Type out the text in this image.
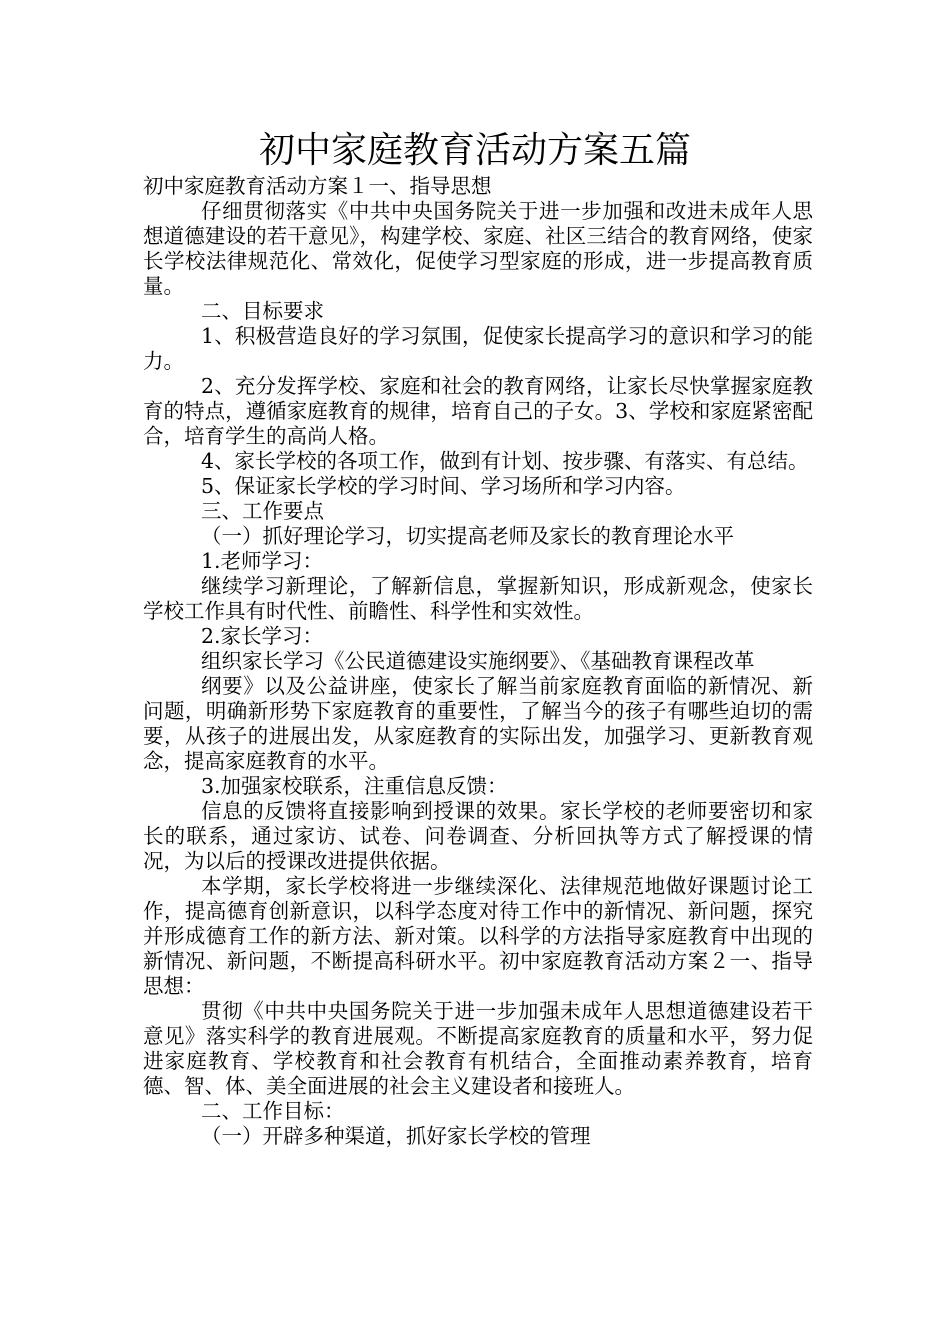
初中家庭教育活动方案五篇

初中家庭教育活动方案１一、指导思想

仔细贯彻落实《中共中央国务院关于进一步加强和改进未成年人思想道德建设的若干意见》，构建学校、家庭、社区三结合的教育网络，使家长学校法律规范化、常效化，促使学习型家庭的形成，进一步提高教育质量。

二、目标要求

1、积极营造良好的学习氛围，促使家长提高学习的意识和学习的能力。

2、充分发挥学校、家庭和社会的教育网络，让家长尽快掌握家庭教育的特点，遵循家庭教育的规律，培育自己的子女。3、学校和家庭紧密配合，培育学生的高尚人格。

4、家长学校的各项工作，做到有计划、按步骤、有落实、有总结。

5、保证家长学校的学习时间、学习场所和学习内容。

三、工作要点

（一）抓好理论学习，切实提高老师及家长的教育理论水平

1.老师学习：

继续学习新理论，了解新信息，掌握新知识，形成新观念，使家长学校工作具有时代性、前瞻性、科学性和实效性。

2.家长学习：

组织家长学习《公民道德建设实施纲要》、《基础教育课程改革

纲要》以及公益讲座，使家长了解当前家庭教育面临的新情况、新问题，明确新形势下家庭教育的重要性，了解当今的孩子有哪些迫切的需要，从孩子的进展出发，从家庭教育的实际出发，加强学习、更新教育观念，提高家庭教育的水平。

3.加强家校联系，注重信息反馈：

信息的反馈将直接影响到授课的效果。家长学校的老师要密切和家长的联系，通过家访、试卷、问卷调查、分析回执等方式了解授课的情况，为以后的授课改进提供依据。

本学期，家长学校将进一步继续深化、法律规范地做好课题讨论工作，提高德育创新意识，以科学态度对待工作中的新情况、新问题，探究并形成德育工作的新方法、新对策。以科学的方法指导家庭教育中出现的新情况、新问题，不断提高科研水平。初中家庭教育活动方案２一、指导思想：

贯彻《中共中央国务院关于进一步加强未成年人思想道德建设若干意见》落实科学的教育进展观。不断提高家庭教育的质量和水平，努力促进家庭教育、学校教育和社会教育有机结合，全面推动素养教育，培育德、智、体、美全面进展的社会主义建设者和接班人。

二、工作目标：

（一）开辟多种渠道，抓好家长学校的管理
